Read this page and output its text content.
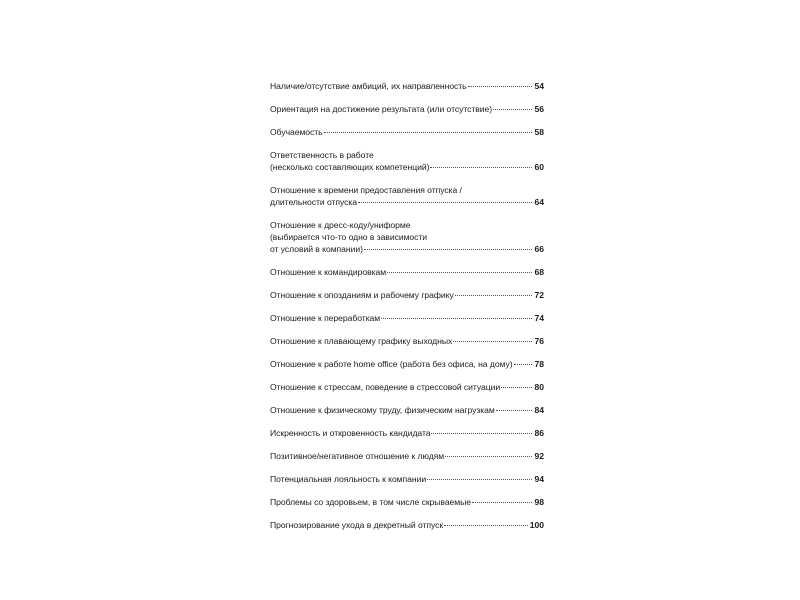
Наличие/отсутствие амбиций, их направленность	54
Ориентация на достижение результата (или отсутствие)	56
Обучаемость	58
Ответственность в работе
(несколько составляющих компетенций)	60
Отношение к времени предоставления отпуска /
длительности отпуска	64
Отношение к дресс-коду/униформе
(выбирается что-то одно в зависимости
от условий в компании)	66
Отношение к командировкам	68
Отношение к опозданиям и рабочему графику	72
Отношение к переработкам	74
Отношение к плавающему графику выходных	76
Отношение к работе home office (работа без офиса, на дому)	78
Отношение к стрессам, поведение в стрессовой ситуации	80
Отношение к физическому труду, физическим нагрузкам	84
Искренность и откровенность кандидата	86
Позитивное/негативное отношение к людям	92
Потенциальная лояльность к компании	94
Проблемы со здоровьем, в том числе скрываемые	98
Прогнозирование ухода в декретный отпуск	100
